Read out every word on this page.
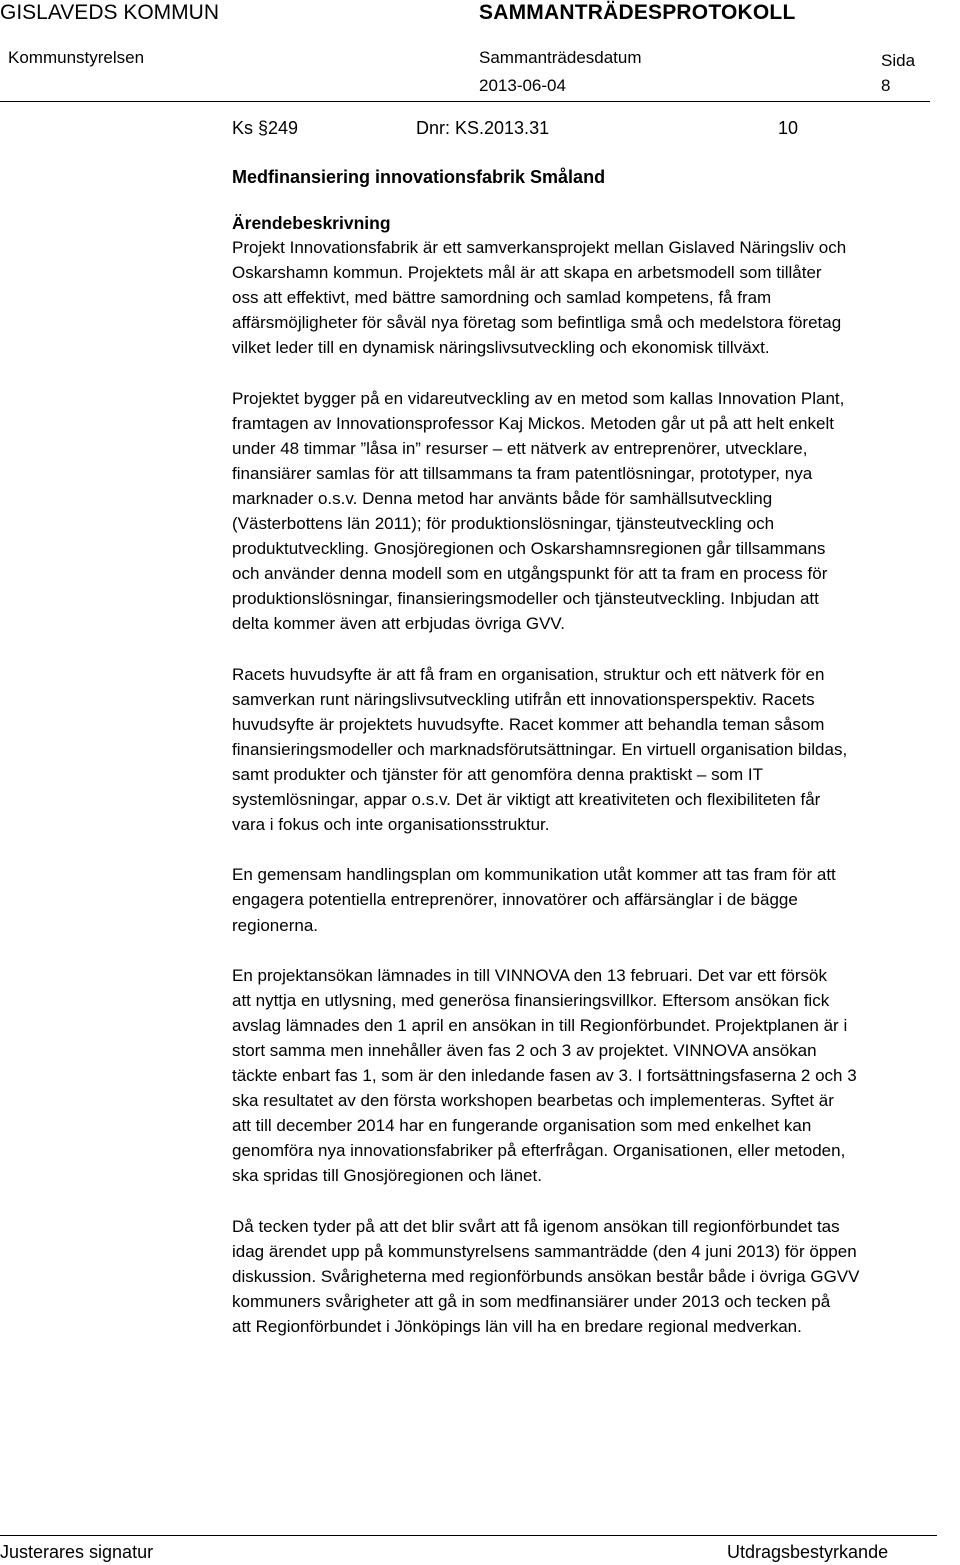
GISLAVEDS KOMMUN	SAMMANTRÄDESPROTOKOLL
Kommunstyrelsen	Sammanträdesdatum	Sida
2013-06-04	8
Ks §249	Dnr: KS.2013.31	10
Medfinansiering innovationsfabrik Småland
Ärendebeskrivning
Projekt Innovationsfabrik är ett samverkansprojekt mellan Gislaved Näringsliv och
Oskarshamn kommun. Projektets mål är att skapa en arbetsmodell som tillåter
oss att effektivt, med bättre samordning och samlad kompetens, få fram
affärsmöjligheter för såväl nya företag som befintliga små och medelstora företag
vilket leder till en dynamisk näringslivsutveckling och ekonomisk tillväxt.
Projektet bygger på en vidareutveckling av en metod som kallas Innovation Plant,
framtagen av Innovationsprofessor Kaj Mickos. Metoden går ut på att helt enkelt
under 48 timmar ”låsa in” resurser – ett nätverk av entreprenörer, utvecklare,
finansiärer samlas för att tillsammans ta fram patentlösningar, prototyper, nya
marknader o.s.v. Denna metod har använts både för samhällsutveckling
(Västerbottens län 2011); för produktionslösningar, tjänsteutveckling och
produktutveckling. Gnosjöregionen och Oskarshamnsregionen går tillsammans
och använder denna modell som en utgångspunkt för att ta fram en process för
produktionslösningar, finansieringsmodeller och tjänsteutveckling. Inbjudan att
delta kommer även att erbjudas övriga GVV.
Racets huvudsyfte är att få fram en organisation, struktur och ett nätverk för en
samverkan runt näringslivsutveckling utifrån ett innovationsperspektiv. Racets
huvudsyfte är projektets huvudsyfte. Racet kommer att behandla teman såsom
finansieringsmodeller och marknadsförutsättningar. En virtuell organisation bildas,
samt produkter och tjänster för att genomföra denna praktiskt – som IT
systemlösningar, appar o.s.v. Det är viktigt att kreativiteten och flexibiliteten får
vara i fokus och inte organisationsstruktur.
En gemensam handlingsplan om kommunikation utåt kommer att tas fram för att
engagera potentiella entreprenörer, innovatörer och affärsänglar i de bägge
regionerna.
En projektansökan lämnades in till VINNOVA den 13 februari. Det var ett försök
att nyttja en utlysning, med generösa finansieringsvillkor. Eftersom ansökan fick
avslag lämnades den 1 april en ansökan in till Regionförbundet. Projektplanen är i
stort samma men innehåller även fas 2 och 3 av projektet. VINNOVA ansökan
täckte enbart fas 1, som är den inledande fasen av 3. I fortsättningsfaserna 2 och 3
ska resultatet av den första workshopen bearbetas och implementeras. Syftet är
att till december 2014 har en fungerande organisation som med enkelhet kan
genomföra nya innovationsfabriker på efterfrågan. Organisationen, eller metoden,
ska spridas till Gnosjöregionen och länet.
Då tecken tyder på att det blir svårt att få igenom ansökan till regionförbundet tas
idag ärendet upp på kommunstyrelsens sammanträdde (den 4 juni 2013) för öppen
diskussion. Svårigheterna med regionförbunds ansökan består både i övriga GGVV
kommuners svårigheter att gå in som medfinansiärer under 2013 och tecken på
att Regionförbundet i Jönköpings län vill ha en bredare regional medverkan.
Justerares signatur	Utdragsbestyrkande
